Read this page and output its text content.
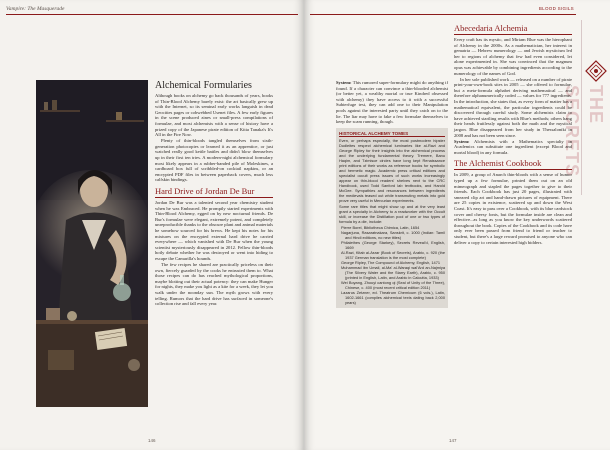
Vampire: The Masquerade
Alchemical Formularies

Although books on alchemy go back thousands of years, books of Thin-Blood Alchemy barely exist: the art basically grew up with the Internet, so its seminal early works languish in dead Geocities pages or cobwebbed Usenet files. A few early figures in the scene produced zines or small-press compilations of formulae, and most alchemists with a sense of history have a prized copy of the Japanese pirate edition of Kitta Tanaka's It's All in the Fire Now.

Plenty of thin-bloods tangled themselves from sixth-generation photocopies or learned it as an apprentice, or just watched really good kettle battles and didn't blow themselves up in their first ten tries. A modern-night alchemical formulary most likely appears in a rubber-banded pile of Moleskines, a cardboard box full of scribbled-on cocktail napkins, or an encrypted PDF files in between paperback covers, much less calfskin bindings.

Hard Drive of Jordan De Bur

Jordan De Bur was a talented second year chemistry student when he was Embraced. He promptly started experiments with Thin-Blood Alchemy, egged on by new nocturnal friends. De Bur's formulae were elegant, extremely potent, and completely unreproducible thanks to the obscure plant and animal materials he somehow sourced for his brews. He kept his notes for his mixtures on the encrypted external hard drive he carried everywhere — which vanished with De Bur when the young scientist mysteriously disappeared in 2012. Fellow thin-bloods hotly debate whether he was destroyed or went into hiding to escape the Camarilla's hounds.

The few recipes he shared are practically priceless on their own, fiercely guarded by the cooks he entrusted them to. What those recipes can do has reached mythological proportions, maybe blotting out their actual potency: they can make Hunger for nights, they make you light as a kite for a week, they let you walk under the noonday sun. The myth grows with every telling. Rumors that the hard drive has surfaced in someone's collection rise and fall every year.

146
BLOOD SIGILS
THE SECRETS

System: This rumored super-formulary might do anything if found. If a character can convince a thin-blooded alchemist (or better yet, a wealthy mortal or true Kindred obsessed with alchemy) they have access to it with a successful Subterfuge test, they can add one to their Manipulation pools against the interested party until they catch on to the lie. The liar may have to fake a few formulae themselves to keep the scam running, though.

HISTORICAL ALCHEMY TOMES

Even, or perhaps especially, the most postmodern hipster Dudleites respect alchemical luminaries like al-Razi and George Ripley for their insights into the alchemical process and the underlying fundamental theory. Tremere, Banu Haqim, and Tzimisce circles have long kept Renaissance print editions of their works as reference books for symbolic and hermetic magic. Academic press critical editions and specialist occult press issues of such works increasingly appear on thin-blood readers' shelves next to the CRC Handbook, used Todd Sanford lab textbooks, and Harold McGee. Sympathies and resonances between ingredients the medievals teased out while transmuting metals into gold prove very useful in Mercurian experiments.

Some rare titles that might show up and at the very least grant a specialty in Alchemy to a readworker with the Occult skill, or increase the Distillation pool of one or two types of formula by a die, include:

Pierre Borel, Bibliotheca Chimica, Latin, 1654

Nagarjuna, Rasaratnakara, Sanskrit, c. 1000 (Indian: Tamil and Hindi editions, no new titles)

Philalethes (George Starkey), Secrets Reveal'd, English, 1669

Al-Razi, Kitab al-Asrar (Book of Secrets), Arabic, c. 920 (the 1937 German translation is the most complete)

George Ripley, The Compound of Alchemy, English, 1471

Muhammad ibn Umail, al-Ma' al-Waraqi wal'Ard an-Najmiya (The Silvery Water and the Starry Earth), Arabic, c. 950 (printed in English, Latin, and Arabic in Calcutta, 1933)

Wei Boyang, Zhouyi cantong qi (Seal of Unity of the Three), Chinese, c. 400 (most recent critical edition 2011)

Lazarus Zetzner, ed. Theatrum Chemicum (6 vols.), Latin, 1602-1661 (compiles alchemical texts dating back 2,000 years)

Abecedaria Alchemia

Every craft has its mystic, and Miriam Blue was the hierophant of Alchemy in the 2000s. As a mathematician, her interest in gematria — Hebrew numerology — and Jewish mysticism led her to regions of alchemy that few had even considered, let alone experimented in. She was convinced that the magnum opus was achievable by combining ingredients according to the numerology of the names of God.

In her sole published work — released on a number of pirate print-your-own-book sites in 2005 — she offered to formulae, but a meta-formula alphabet deriving mathematical — and therefore alphanumerically coded — values for 777 ingredients. In the introduction, she states that, as every form of matter has a mathematical equivalent, the particular ingredients could be discovered through careful study. Some alchemists claim to have achieved startling results with Blue's methods; others hang their heads fruitlessly against both the math and the mystical jargon. Blue disappeared from her study in Thessaloniki in 2008 and has not been seen since.

System: Alchemists with a Mathematics specialty in Academics can substitute one ingredient (except Blood and mortal blood) in any formula.

The Alchemist Cookbook

In 2009, a group of Anarch thin-bloods with a sense of humor typed up a few formulae, printed them out on an old mimeograph and stapled the pages together to give to their friends. Each Cookbook has just 20 pages, illustrated with smeared clip art and hand-drawn pictures of equipment. There are 25 copies in existence, scattered up and down the West Coast. It's easy to pass over a Cookbook, with its blue cardstock cover and cheesy fonts, but the formulae inside are clean and effective...as long as you know the key underwords scattered throughout the book. Copies of the Cookbook and its code have only ever been passed from friend to friend or teacher to student, but there's a large reward promised to anyone who can deliver a copy to certain interested high bidders.

147
